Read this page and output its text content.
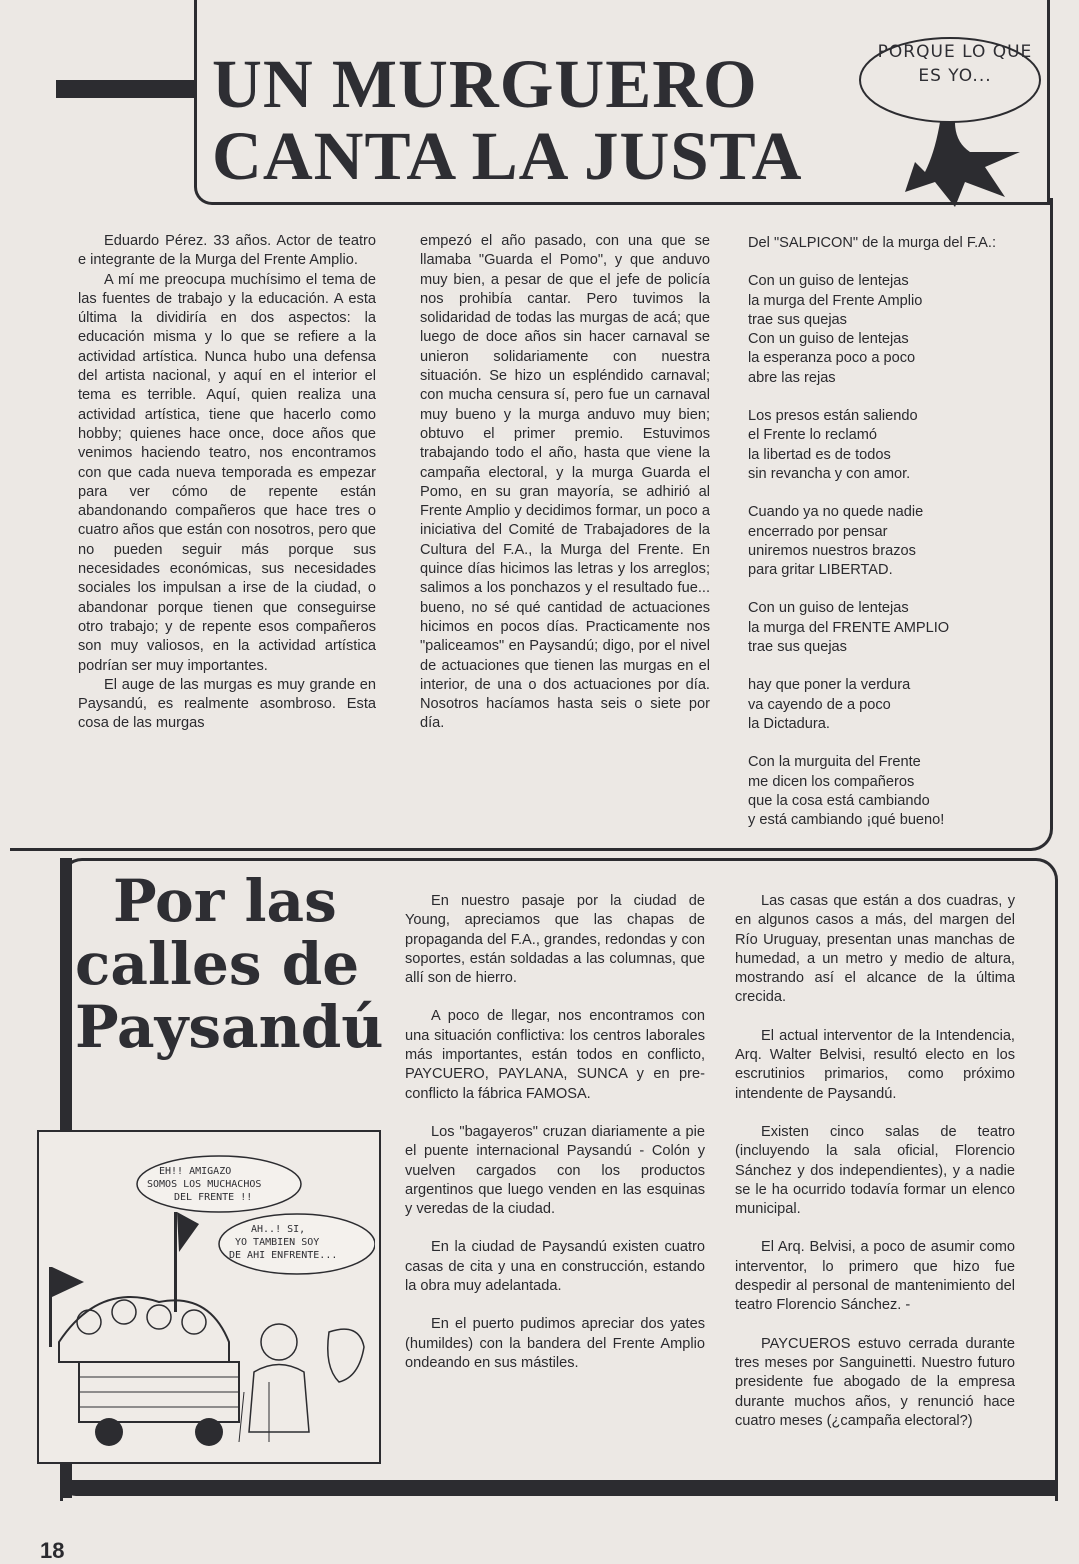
UN MURGUERO CANTA LA JUSTA
PORQUE LO QUE ES YO...

Eduardo Pérez. 33 años. Actor de teatro e integrante de la Murga del Frente Amplio.

A mí me preocupa muchísimo el tema de las fuentes de trabajo y la educación. A esta última la dividiría en dos aspectos: la educación misma y lo que se refiere a la actividad artística. Nunca hubo una defensa del artista nacional, y aquí en el interior el tema es terrible. Aquí, quien realiza una actividad artística, tiene que hacerlo como hobby; quienes hace once, doce años que venimos haciendo teatro, nos encontramos con que cada nueva temporada es empezar para ver cómo de repente están abandonando compañeros que hace tres o cuatro años que están con nosotros, pero que no pueden seguir más porque sus necesidades económicas, sus necesidades sociales los impulsan a irse de la ciudad, o abandonar porque tienen que conseguirse otro trabajo; y de repente esos compañeros son muy valiosos, en la actividad artística podrían ser muy importantes.

El auge de las murgas es muy grande en Paysandú, es realmente asombroso. Esta cosa de las murgas

empezó el año pasado, con una que se llamaba "Guarda el Pomo", y que anduvo muy bien, a pesar de que el jefe de policía nos prohibía cantar. Pero tuvimos la solidaridad de todas las murgas de acá; que luego de doce años sin hacer carnaval se unieron solidariamente con nuestra situación. Se hizo un espléndido carnaval; con mucha censura sí, pero fue un carnaval muy bueno y la murga anduvo muy bien; obtuvo el primer premio. Estuvimos trabajando todo el año, hasta que viene la campaña electoral, y la murga Guarda el Pomo, en su gran mayoría, se adhirió al Frente Amplio y decidimos formar, un poco a iniciativa del Comité de Trabajadores de la Cultura del F.A., la Murga del Frente. En quince días hicimos las letras y los arreglos; salimos a los ponchazos y el resultado fue... bueno, no sé qué cantidad de actuaciones hicimos en pocos días. Practicamente nos "paliceamos" en Paysandú; digo, por el nivel de actuaciones que tienen las murgas en el interior, de una o dos actuaciones por día. Nosotros hacíamos hasta seis o siete por día.

Del "SALPICON" de la murga del F.A.:
Con un guiso de lentejas
la murga del Frente Amplio
trae sus quejas
Con un guiso de lentejas
la esperanza poco a poco
abre las rejas
Los presos están saliendo
el Frente lo reclamó
la libertad es de todos
sin revancha y con amor.
Cuando ya no quede nadie
encerrado por pensar
uniremos nuestros brazos
para gritar LIBERTAD.
Con un guiso de lentejas
la murga del FRENTE AMPLIO
trae sus quejas
hay que poner la verdura
va cayendo de a poco
la Dictadura.
Con la murguita del Frente
me dicen los compañeros
que la cosa está cambiando
y está cambiando ¡qué bueno!
Por las
calles de
Paysandú

En nuestro pasaje por la ciudad de Young, apreciamos que las chapas de propaganda del F.A., grandes, redondas y con soportes, están soldadas a las columnas, que allí son de hierro.

A poco de llegar, nos encontramos con una situación conflictiva: los centros laborales más importantes, están todos en conflicto, PAYCUERO, PAYLANA, SUNCA y en pre-conflicto la fábrica FAMOSA.

Los "bagayeros" cruzan diariamente a pie el puente internacional Paysandú - Colón y vuelven cargados con los productos argentinos que luego venden en las esquinas y veredas de la ciudad.

En la ciudad de Paysandú existen cuatro casas de cita y una en construcción, estando la obra muy adelantada.

En el puerto pudimos apreciar dos yates (humildes) con la bandera del Frente Amplio ondeando en sus mástiles.

Las casas que están a dos cuadras, y en algunos casos a más, del margen del Río Uruguay, presentan unas manchas de humedad, a un metro y medio de altura, mostrando así el alcance de la última crecida.

El actual interventor de la Intendencia, Arq. Walter Belvisi, resultó electo en los escrutinios primarios, como próximo intendente de Paysandú.

Existen cinco salas de teatro (incluyendo la sala oficial, Florencio Sánchez y dos independientes), y a nadie se le ha ocurrido todavía formar un elenco municipal.

El Arq. Belvisi, a poco de asumir como interventor, lo primero que hizo fue despedir al personal de mantenimiento del teatro Florencio Sánchez. -

PAYCUEROS estuvo cerrada durante tres meses por Sanguinetti. Nuestro futuro presidente fue abogado de la empresa durante muchos años, y renunció hace cuatro meses (¿campaña electoral?)

EH!! AMIGAZO
SOMOS LOS MUCHACHOS
DEL FRENTE !!
AH..! SI,
YO TAMBIEN SOY
DE AHI ENFRENTE...
18
